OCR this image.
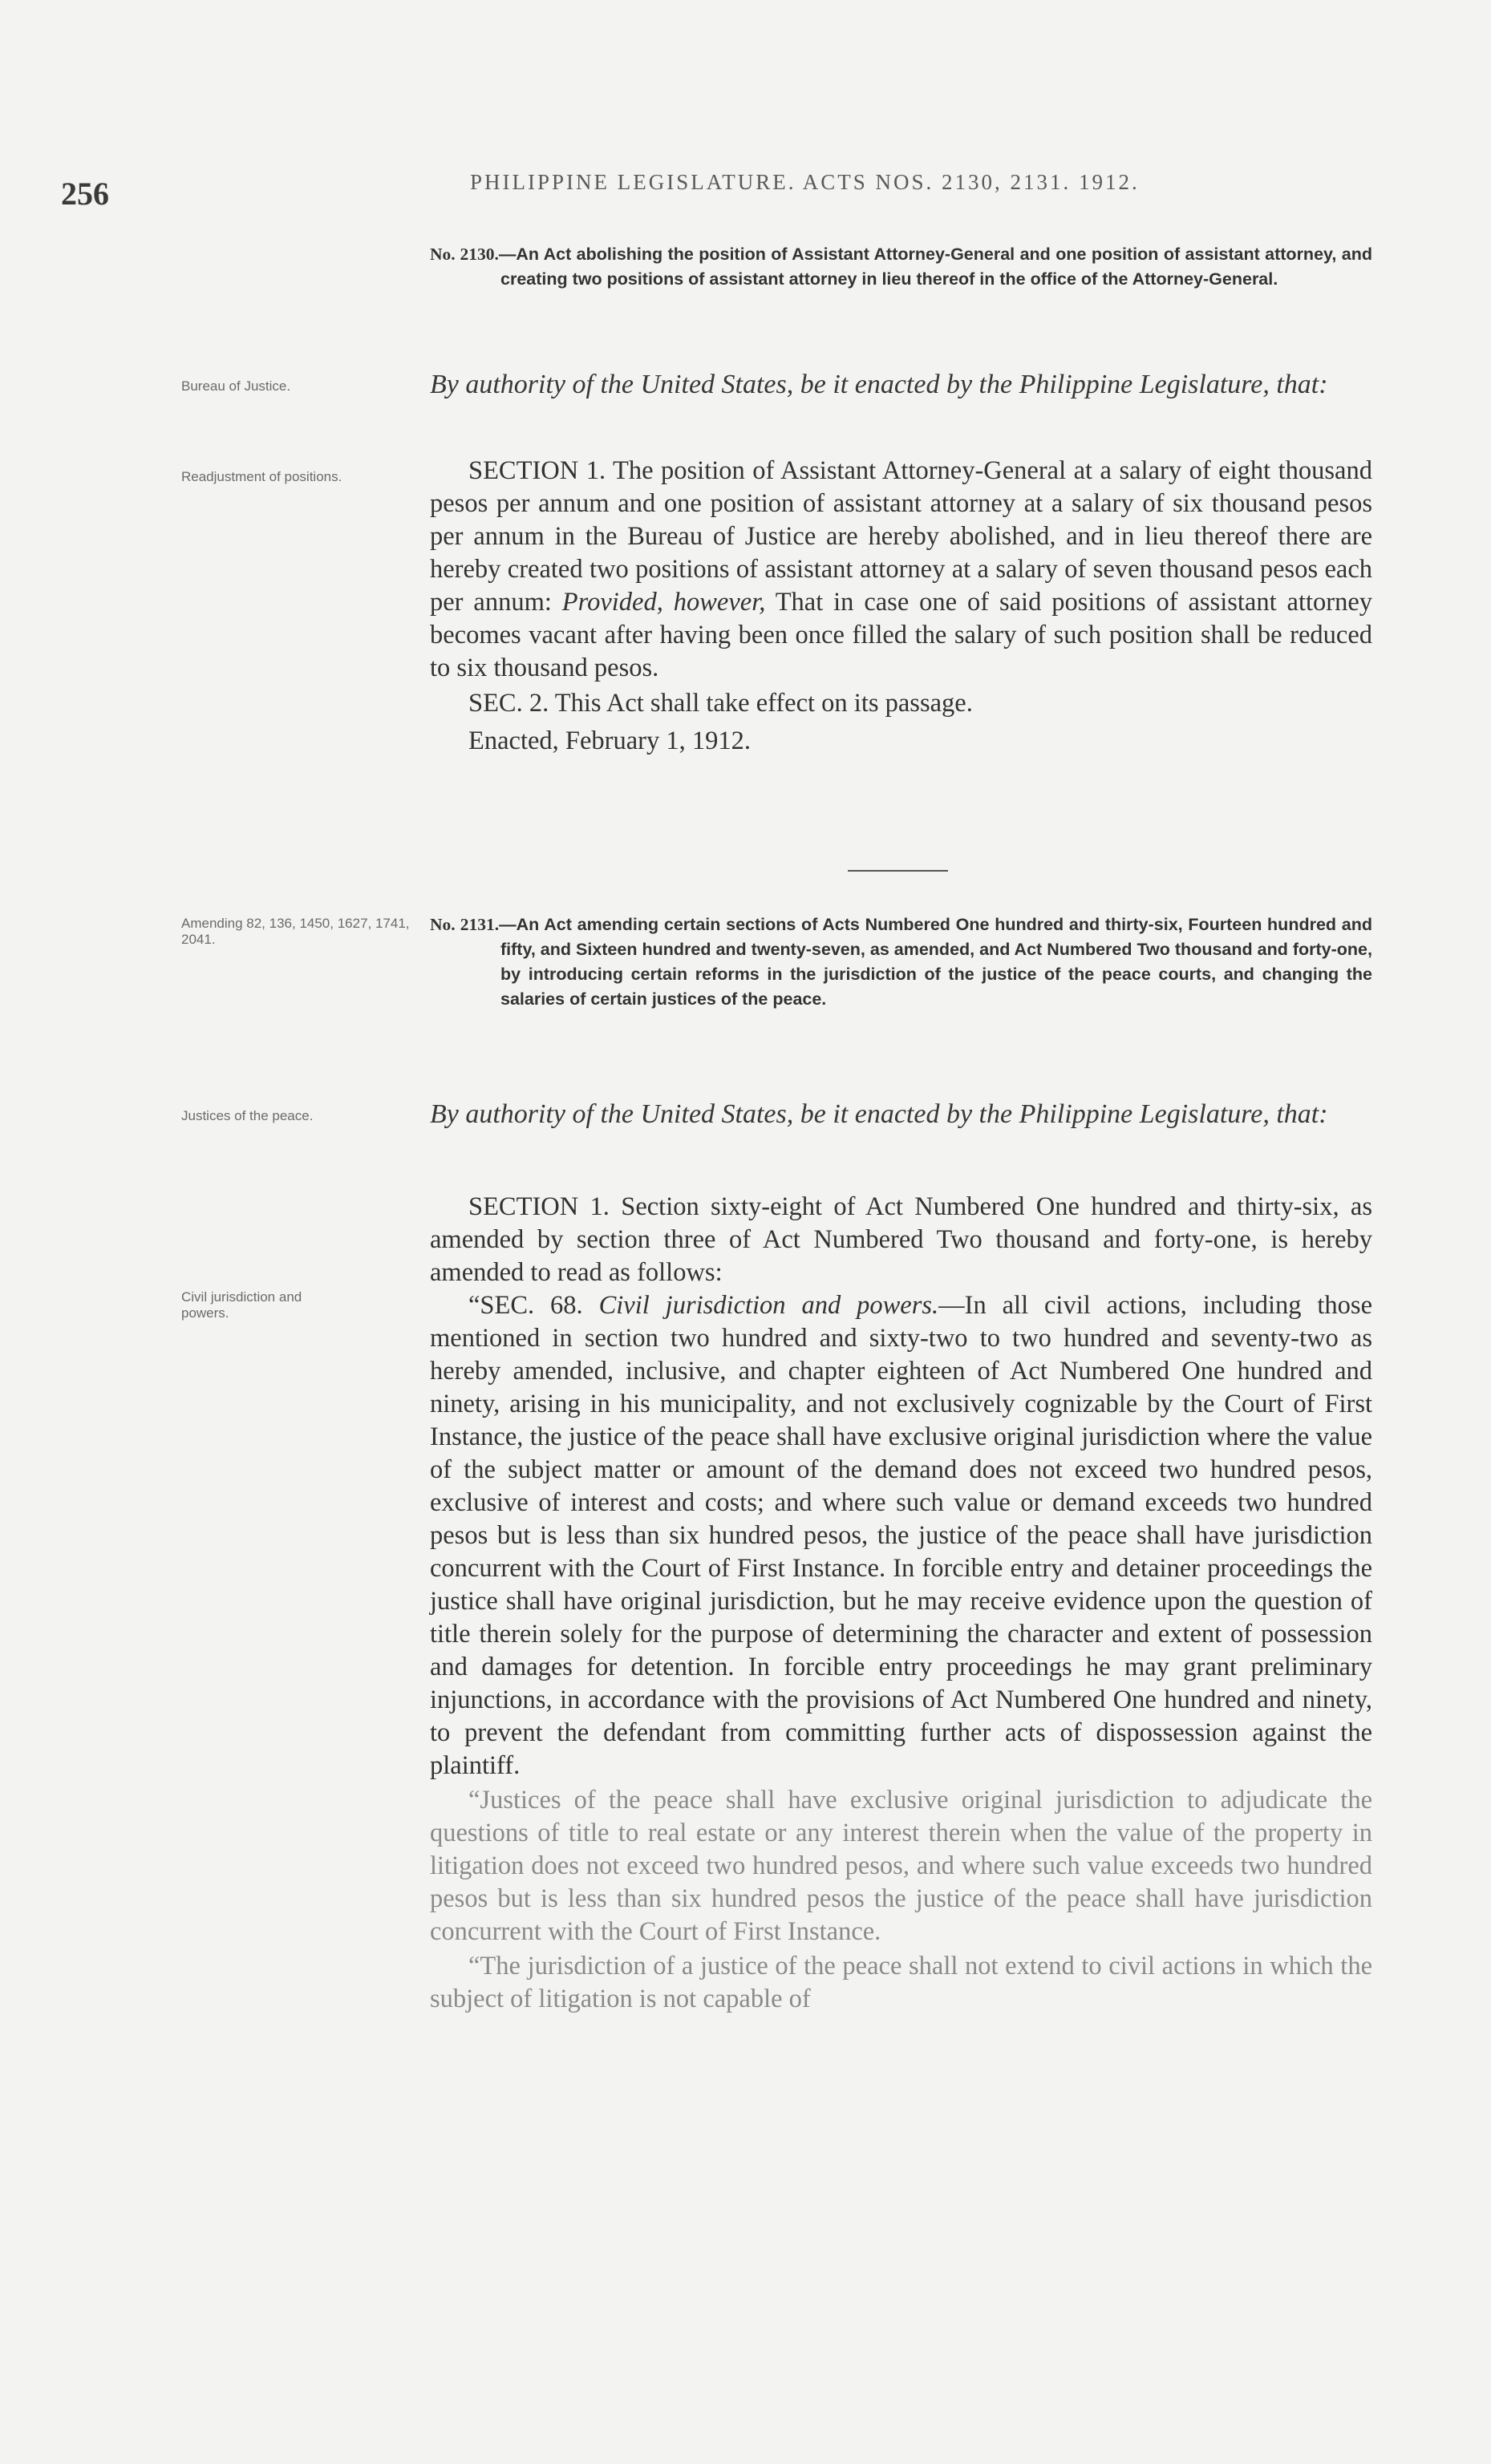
256	PHILIPPINE LEGISLATURE. ACTS NOS. 2130, 2131. 1912.

No. 2130.—An Act abolishing the position of Assistant Attorney-General and one position of assistant attorney, and creating two positions of assistant attorney in lieu thereof in the office of the Attorney-General.

Bureau of Justice.	By authority of the United States, be it enacted by the Philippine Legislature, that:

Readjustment of positions.	SECTION 1. The position of Assistant Attorney-General at a salary of eight thousand pesos per annum and one position of assistant attorney at a salary of six thousand pesos per annum in the Bureau of Justice are hereby abolished, and in lieu thereof there are hereby created two positions of assistant attorney at a salary of seven thousand pesos each per annum: Provided, however, That in case one of said positions of assistant attorney becomes vacant after having been once filled the salary of such position shall be reduced to six thousand pesos.

SEC. 2. This Act shall take effect on its passage.

Enacted, February 1, 1912.

Amending 82, 136, 1450, 1627, 1741, 2041.

No. 2131.—An Act amending certain sections of Acts Numbered One hundred and thirty-six, Fourteen hundred and fifty, and Sixteen hundred and twenty-seven, as amended, and Act Numbered Two thousand and forty-one, by introducing certain reforms in the jurisdiction of the justice of the peace courts, and changing the salaries of certain justices of the peace.

Justices of the peace.	By authority of the United States, be it enacted by the Philippine Legislature, that:

Civil jurisdiction and powers.

SECTION 1. Section sixty-eight of Act Numbered One hundred and thirty-six, as amended by section three of Act Numbered Two thousand and forty-one, is hereby amended to read as follows:

“SEC. 68. Civil jurisdiction and powers.—In all civil actions, including those mentioned in section two hundred and sixty-two to two hundred and seventy-two as hereby amended, inclusive, and chapter eighteen of Act Numbered One hundred and ninety, arising in his municipality, and not exclusively cognizable by the Court of First Instance, the justice of the peace shall have exclusive original jurisdiction where the value of the subject matter or amount of the demand does not exceed two hundred pesos, exclusive of interest and costs; and where such value or demand exceeds two hundred pesos but is less than six hundred pesos, the justice of the peace shall have jurisdiction concurrent with the Court of First Instance. In forcible entry and detainer proceedings the justice shall have original jurisdiction, but he may receive evidence upon the question of title therein solely for the purpose of determining the character and extent of possession and damages for detention. In forcible entry proceedings he may grant preliminary injunctions, in accordance with the provisions of Act Numbered One hundred and ninety, to prevent the defendant from committing further acts of dispossession against the plaintiff.

“Justices of the peace shall have exclusive original jurisdiction to adjudicate the questions of title to real estate or any interest therein when the value of the property in litigation does not exceed two hundred pesos, and where such value exceeds two hundred pesos but is less than six hundred pesos the justice of the peace shall have jurisdiction concurrent with the Court of First Instance.

“The jurisdiction of a justice of the peace shall not extend to civil actions in which the subject of litigation is not capable of
